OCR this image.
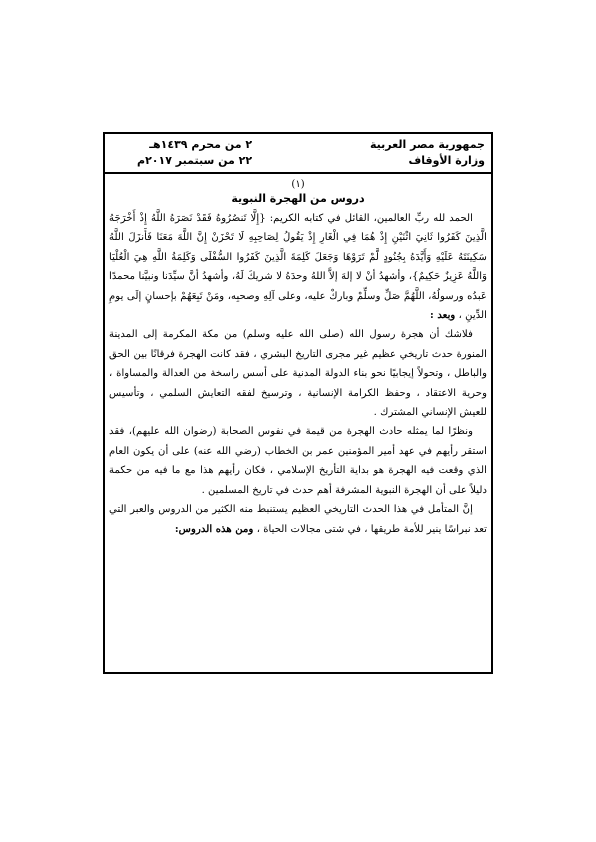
جمهورية مصر العربية
وزارة الأوقاف
٢ من محرم ١٤٣٩هـ
٢٢ من سبتمبر ٢٠١٧م
(١)
دروس من الهجرة النبوية

الحمد لله ربِّ العالمين، القائل في كتابه الكريم: {إِلَّا تَنصُرُوهُ فَقَدْ نَصَرَهُ اللَّهُ إِذْ أَخْرَجَهُ الَّذِينَ كَفَرُوا ثَانِيَ اثْنَيْنِ إِذْ هُمَا فِي الْغَارِ إِذْ يَقُولُ لِصَاحِبِهِ لَا تَحْزَنْ إِنَّ اللَّهَ مَعَنَا فَأَنزَلَ اللَّهُ سَكِينَتَهُ عَلَيْهِ وَأَيَّدَهُ بِجُنُودٍ لَّمْ تَرَوْهَا وَجَعَلَ كَلِمَةَ الَّذِينَ كَفَرُوا السُّفْلَى وَكَلِمَةُ اللَّهِ هِيَ الْعُلْيَا وَاللَّهُ عَزِيزٌ حَكِيمٌ}، وأشهدُ أنْ لا إلهَ إلاَّ اللهُ وحدَهُ لا شريكَ لَهُ، وأشهدُ أنَّ سيِّدَنا ونبيَّنا محمدًا عَبدُه ورسولُهُ، اللَّهُمَّ صَلِّ وسلِّمْ وباركْ عليه، وعلى آلِهِ وصحبِه، ومَنْ تَبِعَهُمْ بإحسانٍ إلَى يومِ الدِّينِ ، وبعد :

فلاشك أن هجرة رسول الله (صلى الله عليه وسلم) من مكة المكرمة إلى المدينة المنورة حدث تاريخي عظيم غير مجرى التاريخ البشري ، فقد كانت الهجرة فرقانًا بين الحق والباطل ، وتحولاً إيجابيًا نحو بناء الدولة المدنية على أسس راسخة من العدالة والمساواة ، وحرية الاعتقاد ، وحفظ الكرامة الإنسانية ، وترسيخ لفقه التعايش السلمي ، وتأسيس للعيش الإنساني المشترك .

ونظرًا لما يمثله حادث الهجرة من قيمة في نفوس الصحابة (رضوان الله عليهم)، فقد استقر رأيهم في عهد أمير المؤمنين عمر بن الخطاب (رضي الله عنه) على أن يكون العام الذي وقعت فيه الهجرة هو بداية التأريخ الإسلامي ، فكان رأيهم هذا مع ما فيه من حكمة دليلاً على أن الهجرة النبوية المشرفة أهم حدث في تاريخ المسلمين .

إنَّ المتأمل في هذا الحدث التاريخي العظيم يستنبط منه الكثير من الدروس والعبر التي تعد نبراسًا ينير للأمة طريقها ، في شتى مجالات الحياة ، ومن هذه الدروس:
